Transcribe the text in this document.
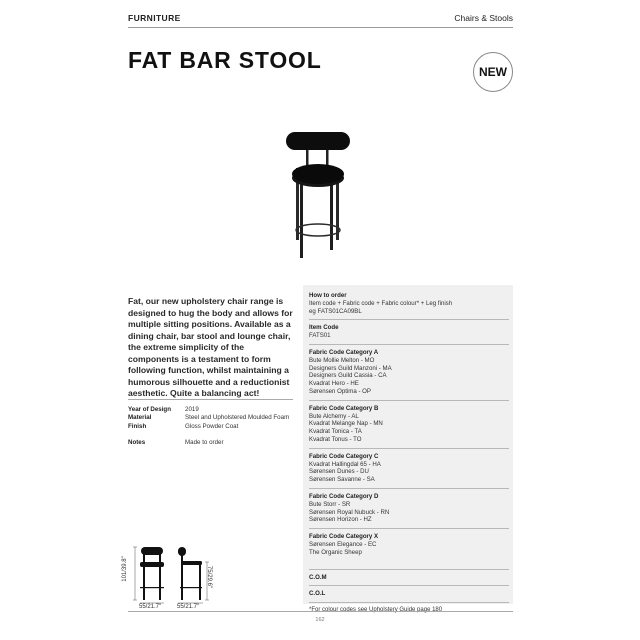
FURNITURE	Chairs & Stools
FAT BAR STOOL	NEW

Fat, our new upholstery chair range is designed to hug the body and allows for multiple sitting positions. Available as a dining chair, bar stool and lounge chair, the extreme simplicity of the components is a testament to form following function, whilst maintaining a humorous silhouette and a reductionist aesthetic. Quite a balancing act!

Year of Design	2019
Material	Steel and Upholstered Moulded Foam
Finish	Gloss Powder Coat
Notes	Made to order
101/39.8"	75/29.6"
55/21.7"	55/21.7"
How to order
Item code + Fabric code + Fabric colour* + Leg finish
eg FATS01CA09BL
Item Code
FATS01
Fabric Code Category A
Bute Mollie Melton - MO
Designers Guild Manzoni - MA
Designers Guild Cassia - CA
Kvadrat Hero - HE
Sørensen Optima - OP
Fabric Code Category B
Bute Alchemy - AL
Kvadrat Melange Nap - MN
Kvadrat Tonica - TA
Kvadrat Tonus - TO
Fabric Code Category C
Kvadrat Hallingdal 65 - HA
Sørensen Dunes - DU
Sørensen Savanne - SA
Fabric Code Category D
Bute Storr - SR
Sørensen Royal Nubuck - RN
Sørensen Horizon - HZ
Fabric Code Category X
Sørensen Elegance - EC
The Organic Sheep
C.O.M
C.O.L
162
